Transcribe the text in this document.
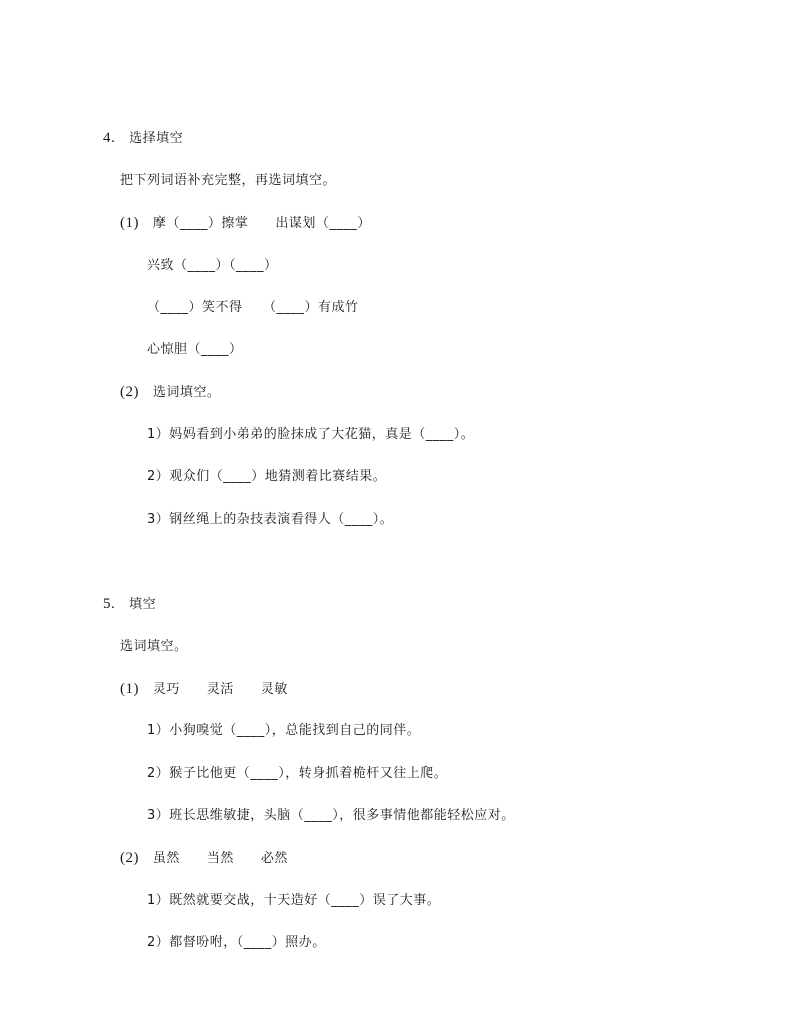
4. 选择填空
把下列词语补充完整，再选词填空。
(1) 摩（____）擦掌　　出谋划（____）
兴致（____）（____）
（____）笑不得　　（____）有成竹
心惊胆（____）
(2) 选词填空。
1）妈妈看到小弟弟的脸抹成了大花猫，真是（____）。
2）观众们（____）地猜测着比赛结果。
3）钢丝绳上的杂技表演看得人（____）。
5. 填空
选词填空。
(1) 灵巧　　灵活　　灵敏
1）小狗嗅觉（____），总能找到自己的同伴。
2）猴子比他更（____），转身抓着桅杆又往上爬。
3）班长思维敏捷，头脑（____），很多事情他都能轻松应对。
(2) 虽然　　当然　　必然
1）既然就要交战，十天造好（____）误了大事。
2）都督吩咐，（____）照办。
